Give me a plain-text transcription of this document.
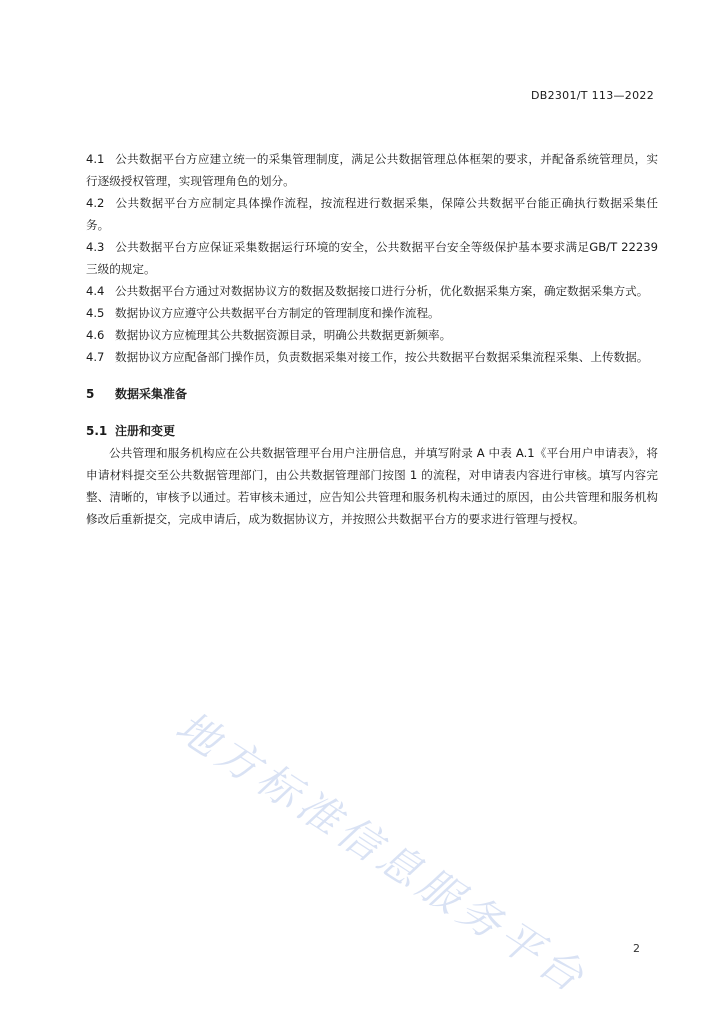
DB2301/T 113—2022

4.1 公共数据平台方应建立统一的采集管理制度，满足公共数据管理总体框架的要求，并配备系统管理员，实行逐级授权管理，实现管理角色的划分。

4.2 公共数据平台方应制定具体操作流程，按流程进行数据采集，保障公共数据平台能正确执行数据采集任务。

4.3 公共数据平台方应保证采集数据运行环境的安全，公共数据平台安全等级保护基本要求满足GB/T 22239 三级的规定。

4.4 公共数据平台方通过对数据协议方的数据及数据接口进行分析，优化数据采集方案，确定数据采集方式。

4.5 数据协议方应遵守公共数据平台方制定的管理制度和操作流程。

4.6 数据协议方应梳理其公共数据资源目录，明确公共数据更新频率。

4.7 数据协议方应配备部门操作员，负责数据采集对接工作，按公共数据平台数据采集流程采集、上传数据。

5 数据采集准备

5.1 注册和变更

公共管理和服务机构应在公共数据管理平台用户注册信息，并填写附录 A 中表 A.1《平台用户申请表》，将申请材料提交至公共数据管理部门，由公共数据管理部门按图 1 的流程，对申请表内容进行审核。填写内容完整、清晰的，审核予以通过。若审核未通过，应告知公共管理和服务机构未通过的原因，由公共管理和服务机构修改后重新提交，完成申请后，成为数据协议方，并按照公共数据平台方的要求进行管理与授权。

地方标准信息服务平台	2
